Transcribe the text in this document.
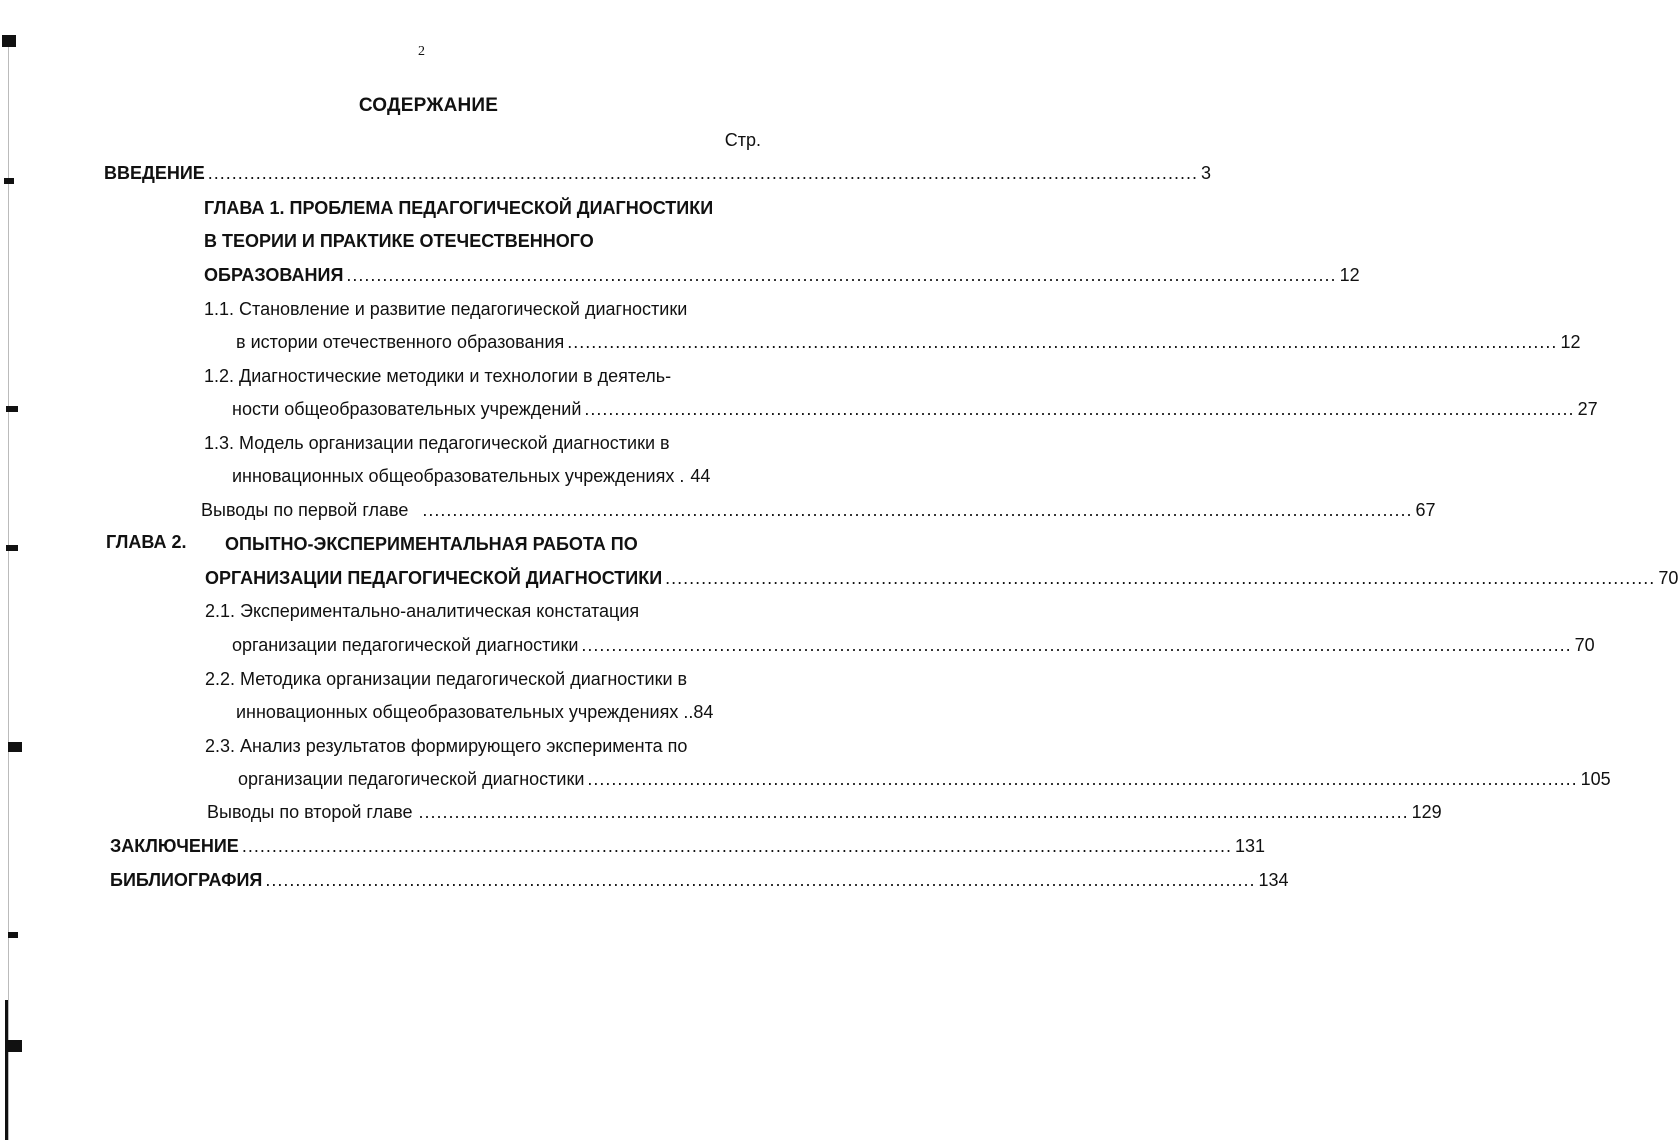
2
СОДЕРЖАНИЕ
Стр.
ВВЕДЕНИЕ ..................................................................................................................................................................... 3
ГЛАВА 1. ПРОБЛЕМА ПЕДАГОГИЧЕСКОЙ ДИАГНОСТИКИ
В ТЕОРИИ И ПРАКТИКЕ ОТЕЧЕСТВЕННОГО
ОБРАЗОВАНИЯ ..................................................................................................................................................................... 12
1.1. Становление и развитие педагогической диагностики
в истории отечественного образования ..................................................................................................................................................................... 12
1.2. Диагностические методики и технологии в деятель-
ности общеобразовательных учреждений ..................................................................................................................................................................... 27
1.3. Модель организации педагогической диагностики в
инновационных общеобразовательных учреждениях . 44
Выводы по первой главе ..................................................................................................................................................................... 67
ГЛАВА 2. ОПЫТНО-ЭКСПЕРИМЕНТАЛЬНАЯ РАБОТА ПО
ОРГАНИЗАЦИИ ПЕДАГОГИЧЕСКОЙ ДИАГНОСТИКИ ..................................................................................................................................................................... 70
2.1. Экспериментально-аналитическая констатация
организации педагогической диагностики ..................................................................................................................................................................... 70
2.2. Методика организации педагогической диагностики в
инновационных общеобразовательных учреждениях .. 84
2.3. Анализ результатов формирующего эксперимента по
организации педагогической диагностики ..................................................................................................................................................................... 105
Выводы по второй главе ..................................................................................................................................................................... 129
ЗАКЛЮЧЕНИЕ ..................................................................................................................................................................... 131
БИБЛИОГРАФИЯ ..................................................................................................................................................................... 134
